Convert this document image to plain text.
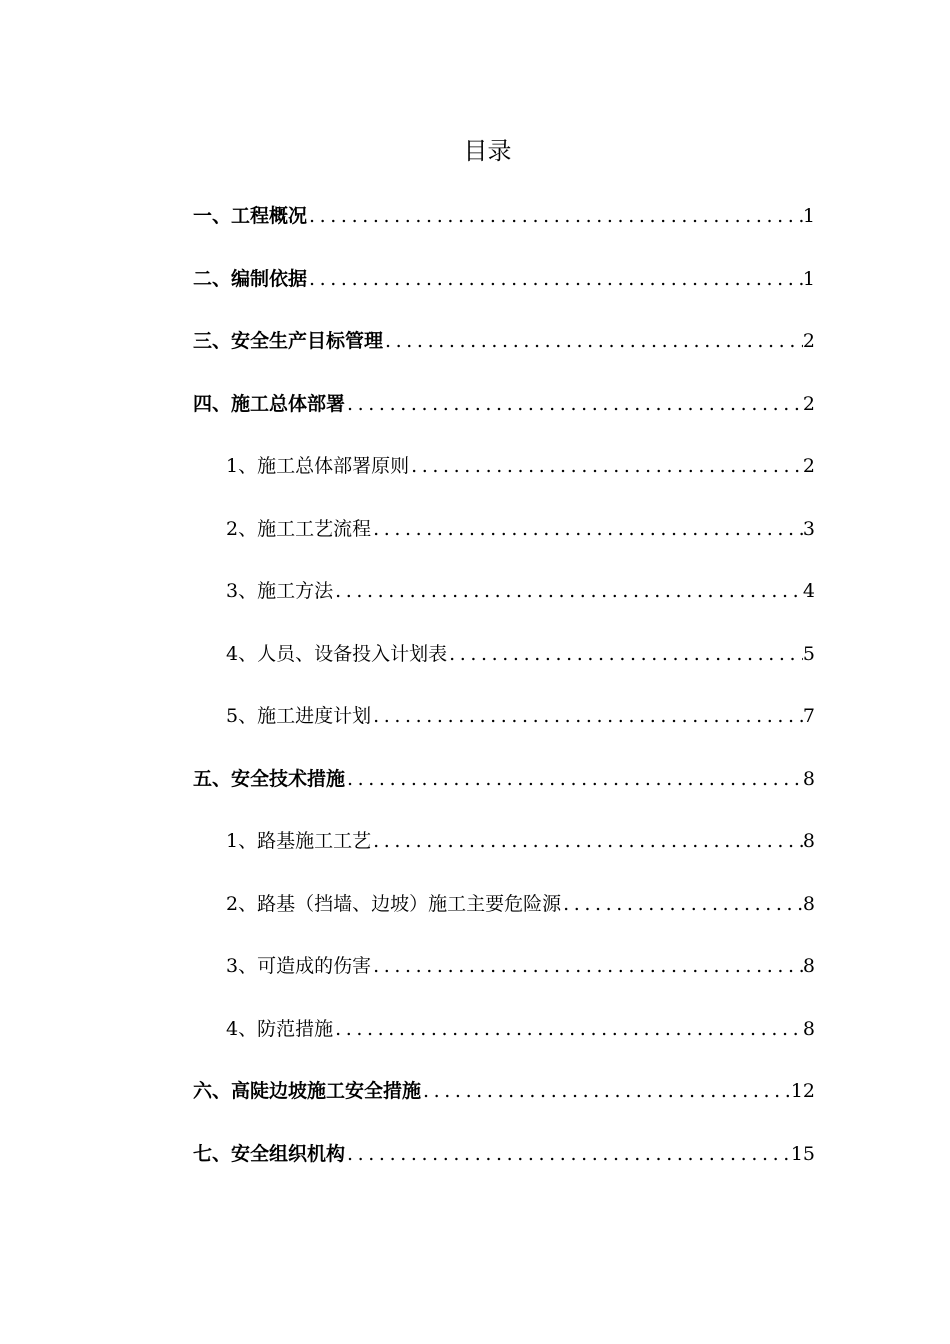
目录
一、工程概况 .....	1
二、编制依据 .....	1
三、安全生产目标管理 .....	2
四、施工总体部署 .....	2
1、施工总体部署原则 .....	2
2、施工工艺流程 .....	3
3、施工方法 .....	4
4、人员、设备投入计划表 .....	5
5、施工进度计划 .....	7
五、安全技术措施 .....	8
1、路基施工工艺 .....	8
2、路基（挡墙、边坡）施工主要危险源 .....	8
3、可造成的伤害 .....	8
4、防范措施 .....	8
六、高陡边坡施工安全措施 .....	12
七、安全组织机构 .....	15
